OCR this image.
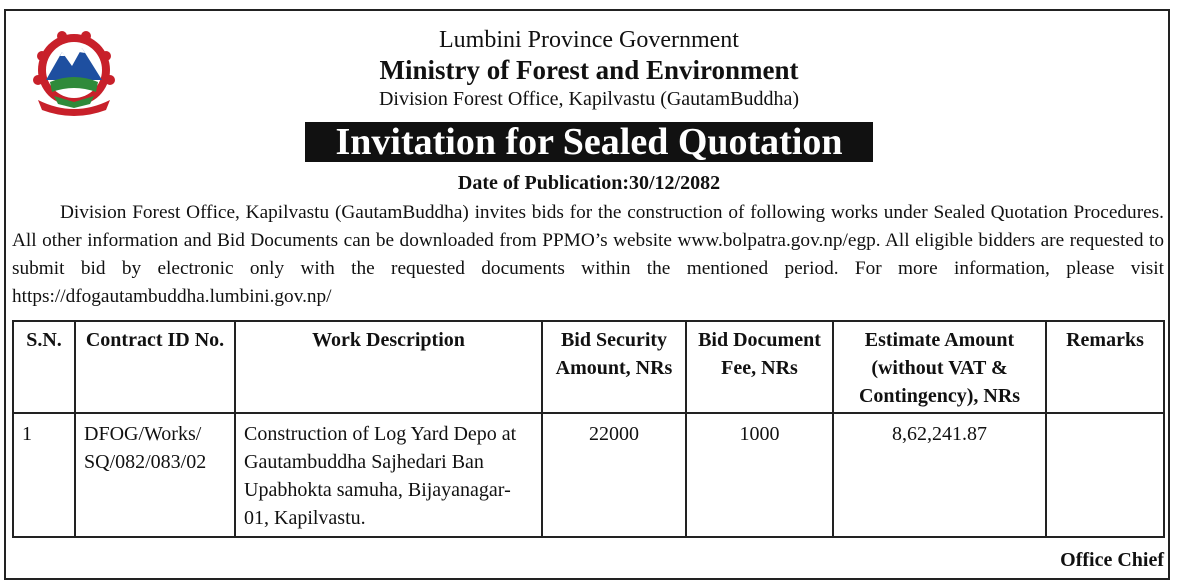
Lumbini Province Government
Ministry of Forest and Environment
Division Forest Office, Kapilvastu (GautamBuddha)
Invitation for Sealed Quotation
Date of Publication:30/12/2082

Division Forest Office, Kapilvastu (GautamBuddha) invites bids for the construction of following works under Sealed Quotation Procedures. All other information and Bid Documents can be downloaded from PPMO’s website www.bolpatra.gov.np/egp. All eligible bidders are requested to submit bid by electronic only with the requested documents within the mentioned period. For more information, please visit https://dfogautambuddha.lumbini.gov.np/

S.N.	Contract ID No.	Work Description	Bid Security Amount, NRs	Bid Document Fee, NRs	Estimate Amount (without VAT & Contingency), NRs	Remarks
1	DFOG/Works/ SQ/082/083/02	Construction of Log Yard Depo at Gautambuddha Sajhedari Ban Upabhokta samuha, Bijayanagar-01, Kapilvastu.	22000	1000	8,62,241.87	
Office Chief
